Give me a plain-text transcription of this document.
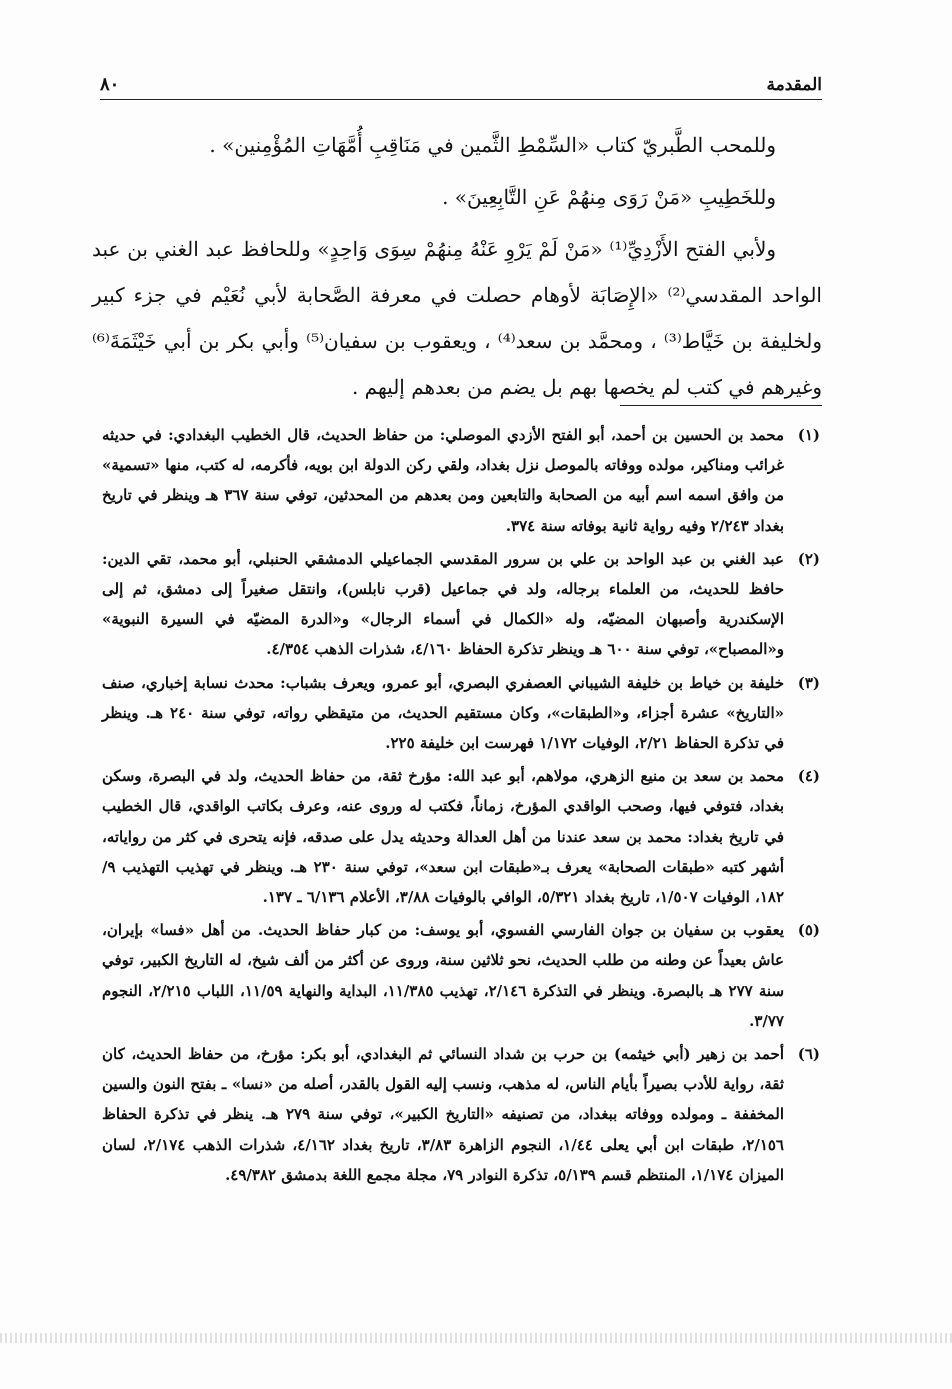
المقدمة
٨٠

وللمحب الطَّبريّ كتاب «السِّمْطِ الثَّمين في مَنَاقِبِ أُمَّهَاتِ المُؤْمِنين» .

وللخَطِيبِ «مَنْ رَوَى مِنهُمْ عَنِ التَّابِعِينَ» .

ولأبي الفتح الأَزْدِيِّ⁽¹⁾ «مَنْ لَمْ يَرْوِ عَنْهُ مِنهُمْ سِوَى وَاحِدٍ» وللحافظ عبد الغني بن عبد الواحد المقدسي⁽²⁾ «الإِصَابَة لأوهام حصلت في معرفة الصَّحابة لأبي نُعَيْم في جزء كبير ولخليفة بن خَيَّاط⁽³⁾ ، ومحمَّد بن سعد⁽⁴⁾ ، ويعقوب بن سفيان⁽⁵⁾ وأبي بكر بن أبي خَيْثَمَةَ⁽⁶⁾ وغيرهم في كتب لم يخصها بهم بل يضم من بعدهم إليهم .

(١)
محمد بن الحسين بن أحمد، أبو الفتح الأزدي الموصلي: من حفاظ الحديث، قال الخطيب البغدادي: في حديثه غرائب ومناكير، مولده ووفاته بالموصل نزل بغداد، ولقي ركن الدولة ابن بويه، فأكرمه، له كتب، منها «تسمية» من وافق اسمه اسم أبيه من الصحابة والتابعين ومن بعدهم من المحدثين، توفي سنة ٣٦٧ هـ وينظر في تاريخ بغداد ٢/٢٤٣ وفيه رواية ثانية بوفاته سنة ٣٧٤.
(٢)
عبد الغني بن عبد الواحد بن علي بن سرور المقدسي الجماعيلي الدمشقي الحنبلي، أبو محمد، تقي الدين: حافظ للحديث، من العلماء برجاله، ولد في جماعيل (قرب نابلس)، وانتقل صغيراً إلى دمشق، ثم إلى الإسكندرية وأصبهان المضيّه، وله «الكمال في أسماء الرجال» و«الدرة المضيّه في السيرة النبوية» و«المصباح»، توفي سنة ٦٠٠ هـ وينظر تذكرة الحفاظ ٤/١٦٠، شذرات الذهب ٤/٣٥٤.
(٣)
خليفة بن خياط بن خليفة الشيباني العصفري البصري، أبو عمرو، ويعرف بشباب: محدث نسابة إخباري، صنف «التاريخ» عشرة أجزاء، و«الطبقات»، وكان مستقيم الحديث، من متيقظي رواته، توفي سنة ٢٤٠ هـ. وينظر في تذكرة الحفاظ ٢/٢١، الوفيات ١/١٧٢ فهرست ابن خليفة ٢٢٥.
(٤)
محمد بن سعد بن منيع الزهري، مولاهم، أبو عبد الله: مؤرخ ثقة، من حفاظ الحديث، ولد في البصرة، وسكن بغداد، فتوفي فيها، وصحب الواقدي المؤرخ، زماناً، فكتب له وروى عنه، وعرف بكاتب الواقدي، قال الخطيب في تاريخ بغداد: محمد بن سعد عندنا من أهل العدالة وحديثه يدل على صدقه، فإنه يتحرى في كثر من رواياته، أشهر كتبه «طبقات الصحابة» يعرف بـ«طبقات ابن سعد»، توفي سنة ٢٣٠ هـ. وينظر في تهذيب التهذيب ٩/ ١٨٢، الوفيات ١/٥٠٧، تاريخ بغداد ٥/٣٢١، الوافي بالوفيات ٣/٨٨، الأعلام ٦/١٣٦ ـ ١٣٧.
(٥)
يعقوب بن سفيان بن جوان الفارسي الفسوي، أبو يوسف: من كبار حفاظ الحديث. من أهل «فسا» بإيران، عاش بعيداً عن وطنه من طلب الحديث، نحو ثلاثين سنة، وروى عن أكثر من ألف شيخ، له التاريخ الكبير، توفي سنة ٢٧٧ هـ بالبصرة. وينظر في التذكرة ٢/١٤٦، تهذيب ١١/٣٨٥، البداية والنهاية ١١/٥٩، اللباب ٢/٢١٥، النجوم ٣/٧٧.
(٦)
أحمد بن زهير (أبي خيثمه) بن حرب بن شداد النسائي ثم البغدادي، أبو بكر: مؤرخ، من حفاظ الحديث، كان ثقة، رواية للأدب بصيراً بأيام الناس، له مذهب، ونسب إليه القول بالقدر، أصله من «نسا» ـ بفتح النون والسين المخففة ـ ومولده ووفاته ببغداد، من تصنيفه «التاريخ الكبير»، توفي سنة ٢٧٩ هـ. ينظر في تذكرة الحفاظ ٢/١٥٦، طبقات ابن أبي يعلى ١/٤٤، النجوم الزاهرة ٣/٨٣، تاريخ بغداد ٤/١٦٢، شذرات الذهب ٢/١٧٤، لسان الميزان ١/١٧٤، المنتظم قسم ٥/١٣٩، تذكرة النوادر ٧٩، مجلة مجمع اللغة بدمشق ٤٩/٣٨٢.
